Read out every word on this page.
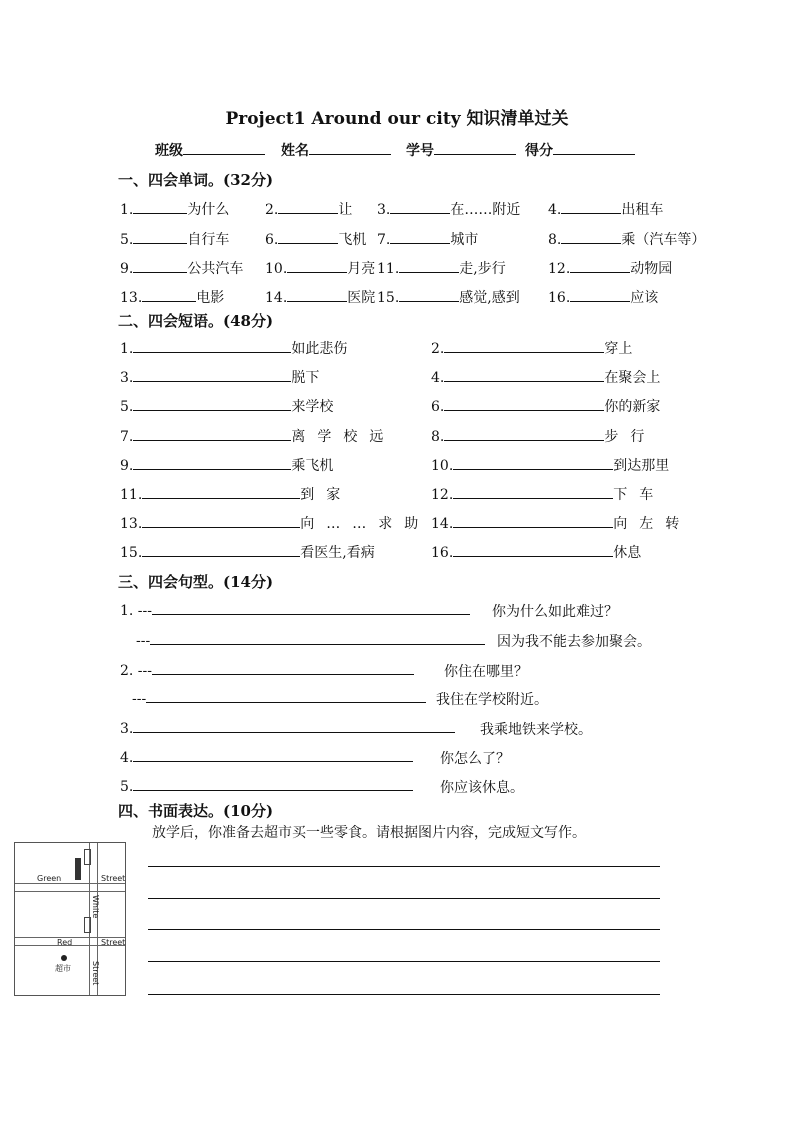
Project1 Around our city 知识清单过关
班级	姓名	学号	得分
一、四会单词。(32分)
1.	为什么	2.	让 3.	在……附近 4.	出租车
5.	自行车	6.	飞机 7.	城市	8.	乘（汽车等）
9.	公共汽车 10.	月亮 11.	走,步行	12.	动物园
13.	电影	14.	医院 15.	感觉,感到 16.	应该
二、四会短语。(48分)
1.	如此悲伤	2.	穿上
3.	脱下	4.	在聚会上
5.	来学校	6.	你的新家
7.	离学校远	8.	步行
9.	乘飞机	10.	到达那里
11.	到家	12.	下车
13.	向……求助 14.	向左转
15.	看医生,看病	16.	休息
三、四会句型。(14分)
1. ---	你为什么如此难过？
---	因为我不能去参加聚会。
2. ---	你住在哪里？
---	我住在学校附近。
3.	我乘地铁来学校。
4.	你怎么了？
5.	你应该休息。
四、书面表达。(10分)
放学后，你准备去超市买一些零食。请根据图片内容，完成短文写作。
Green	Street
White
Red	Street
Street
超市
